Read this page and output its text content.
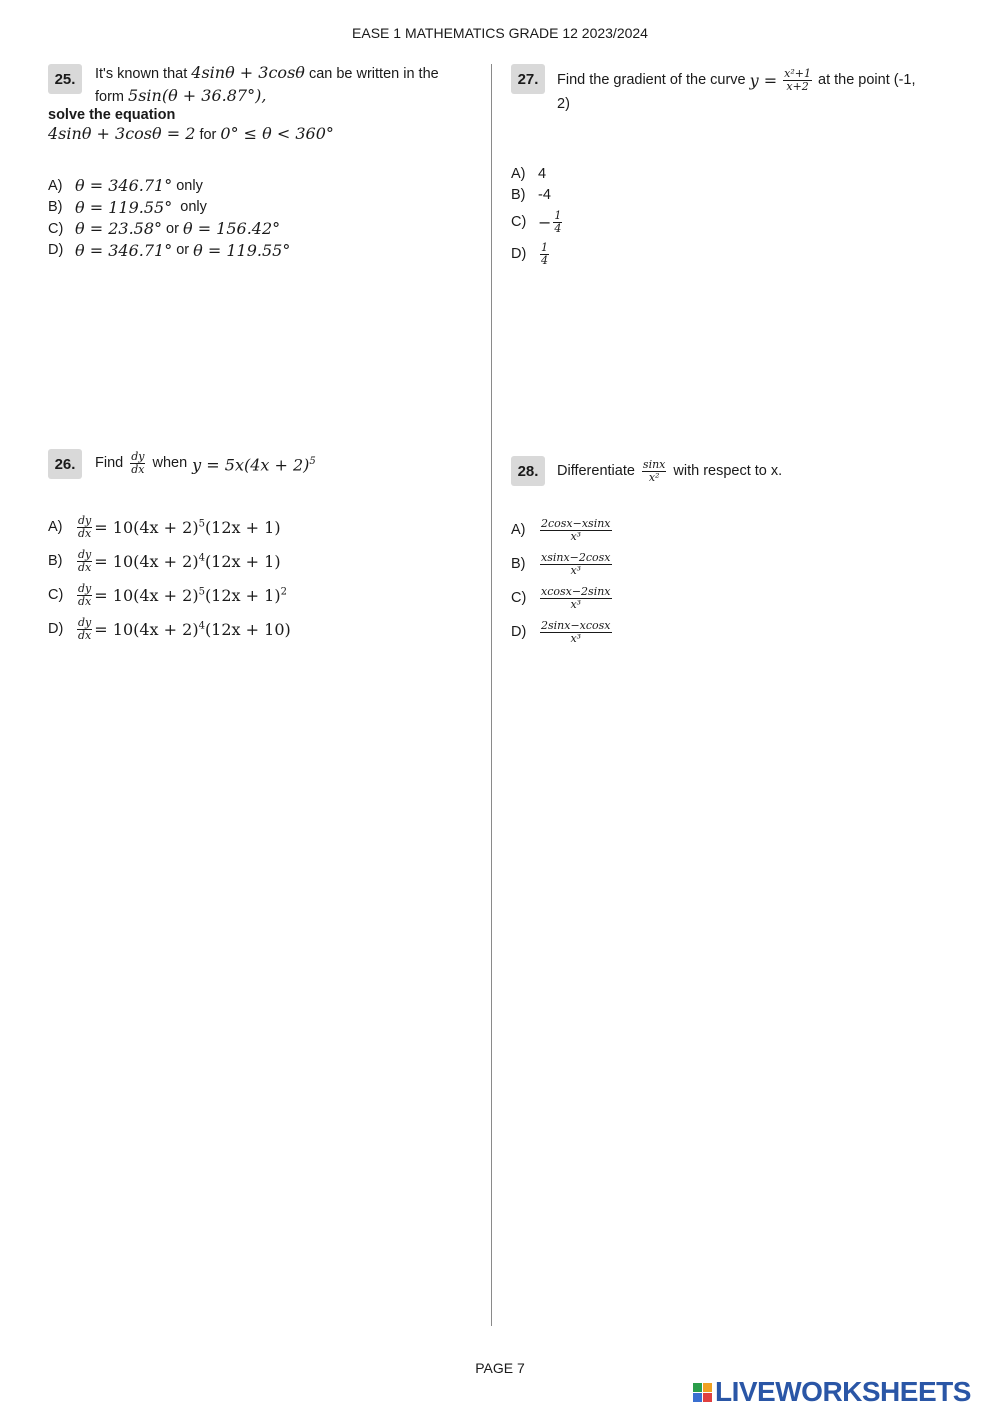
EASE 1 MATHEMATICS GRADE 12 2023/2024
25.	It's known that 4sinθ + 3cosθ can be written in the
form 5sin(θ + 36.87°),
solve the equation
4sinθ + 3cosθ = 2 for 0° ≤ θ < 360°
A) θ = 346.71° only
B) θ = 119.55° only
C) θ = 23.58° or θ = 156.42°
D) θ = 346.71° or θ = 119.55°
26.	Find $\frac{dy}{dx}$ when $y = 5x(4x + 2)^5$
A)	$\frac{dy}{dx} = 10(4x + 2)^5(12x + 1)$
B)	$\frac{dy}{dx} = 10(4x + 2)^4(12x + 1)$
C)	$\frac{dy}{dx} = 10(4x + 2)^5(12x + 1)^2$
D)	$\frac{dy}{dx} = 10(4x + 2)^4(12x + 10)$
27.	Find the gradient of the curve $y = \frac{\text{x²+1}}{x+2}$ at the point (-1,
2)
A) 4
B) -4
$C) - \frac{1}{4}$
D)	$\frac{1}{4}$
28.	Differentiate $\frac{\sin x}{\text{x²}}$ with respect to x.
A)	$\frac{2\cos x-xsinx}{\text{x³}}$
B)	$\frac{xsinx-2\cos x}{\text{x³}}$
C)	$\frac{xcosx-2\sin x}{\text{x³}}$
D)	$\frac{2\sin x-xcosx}{\text{x³}}$
PAGE 7
LIVEWORKSHEETS
